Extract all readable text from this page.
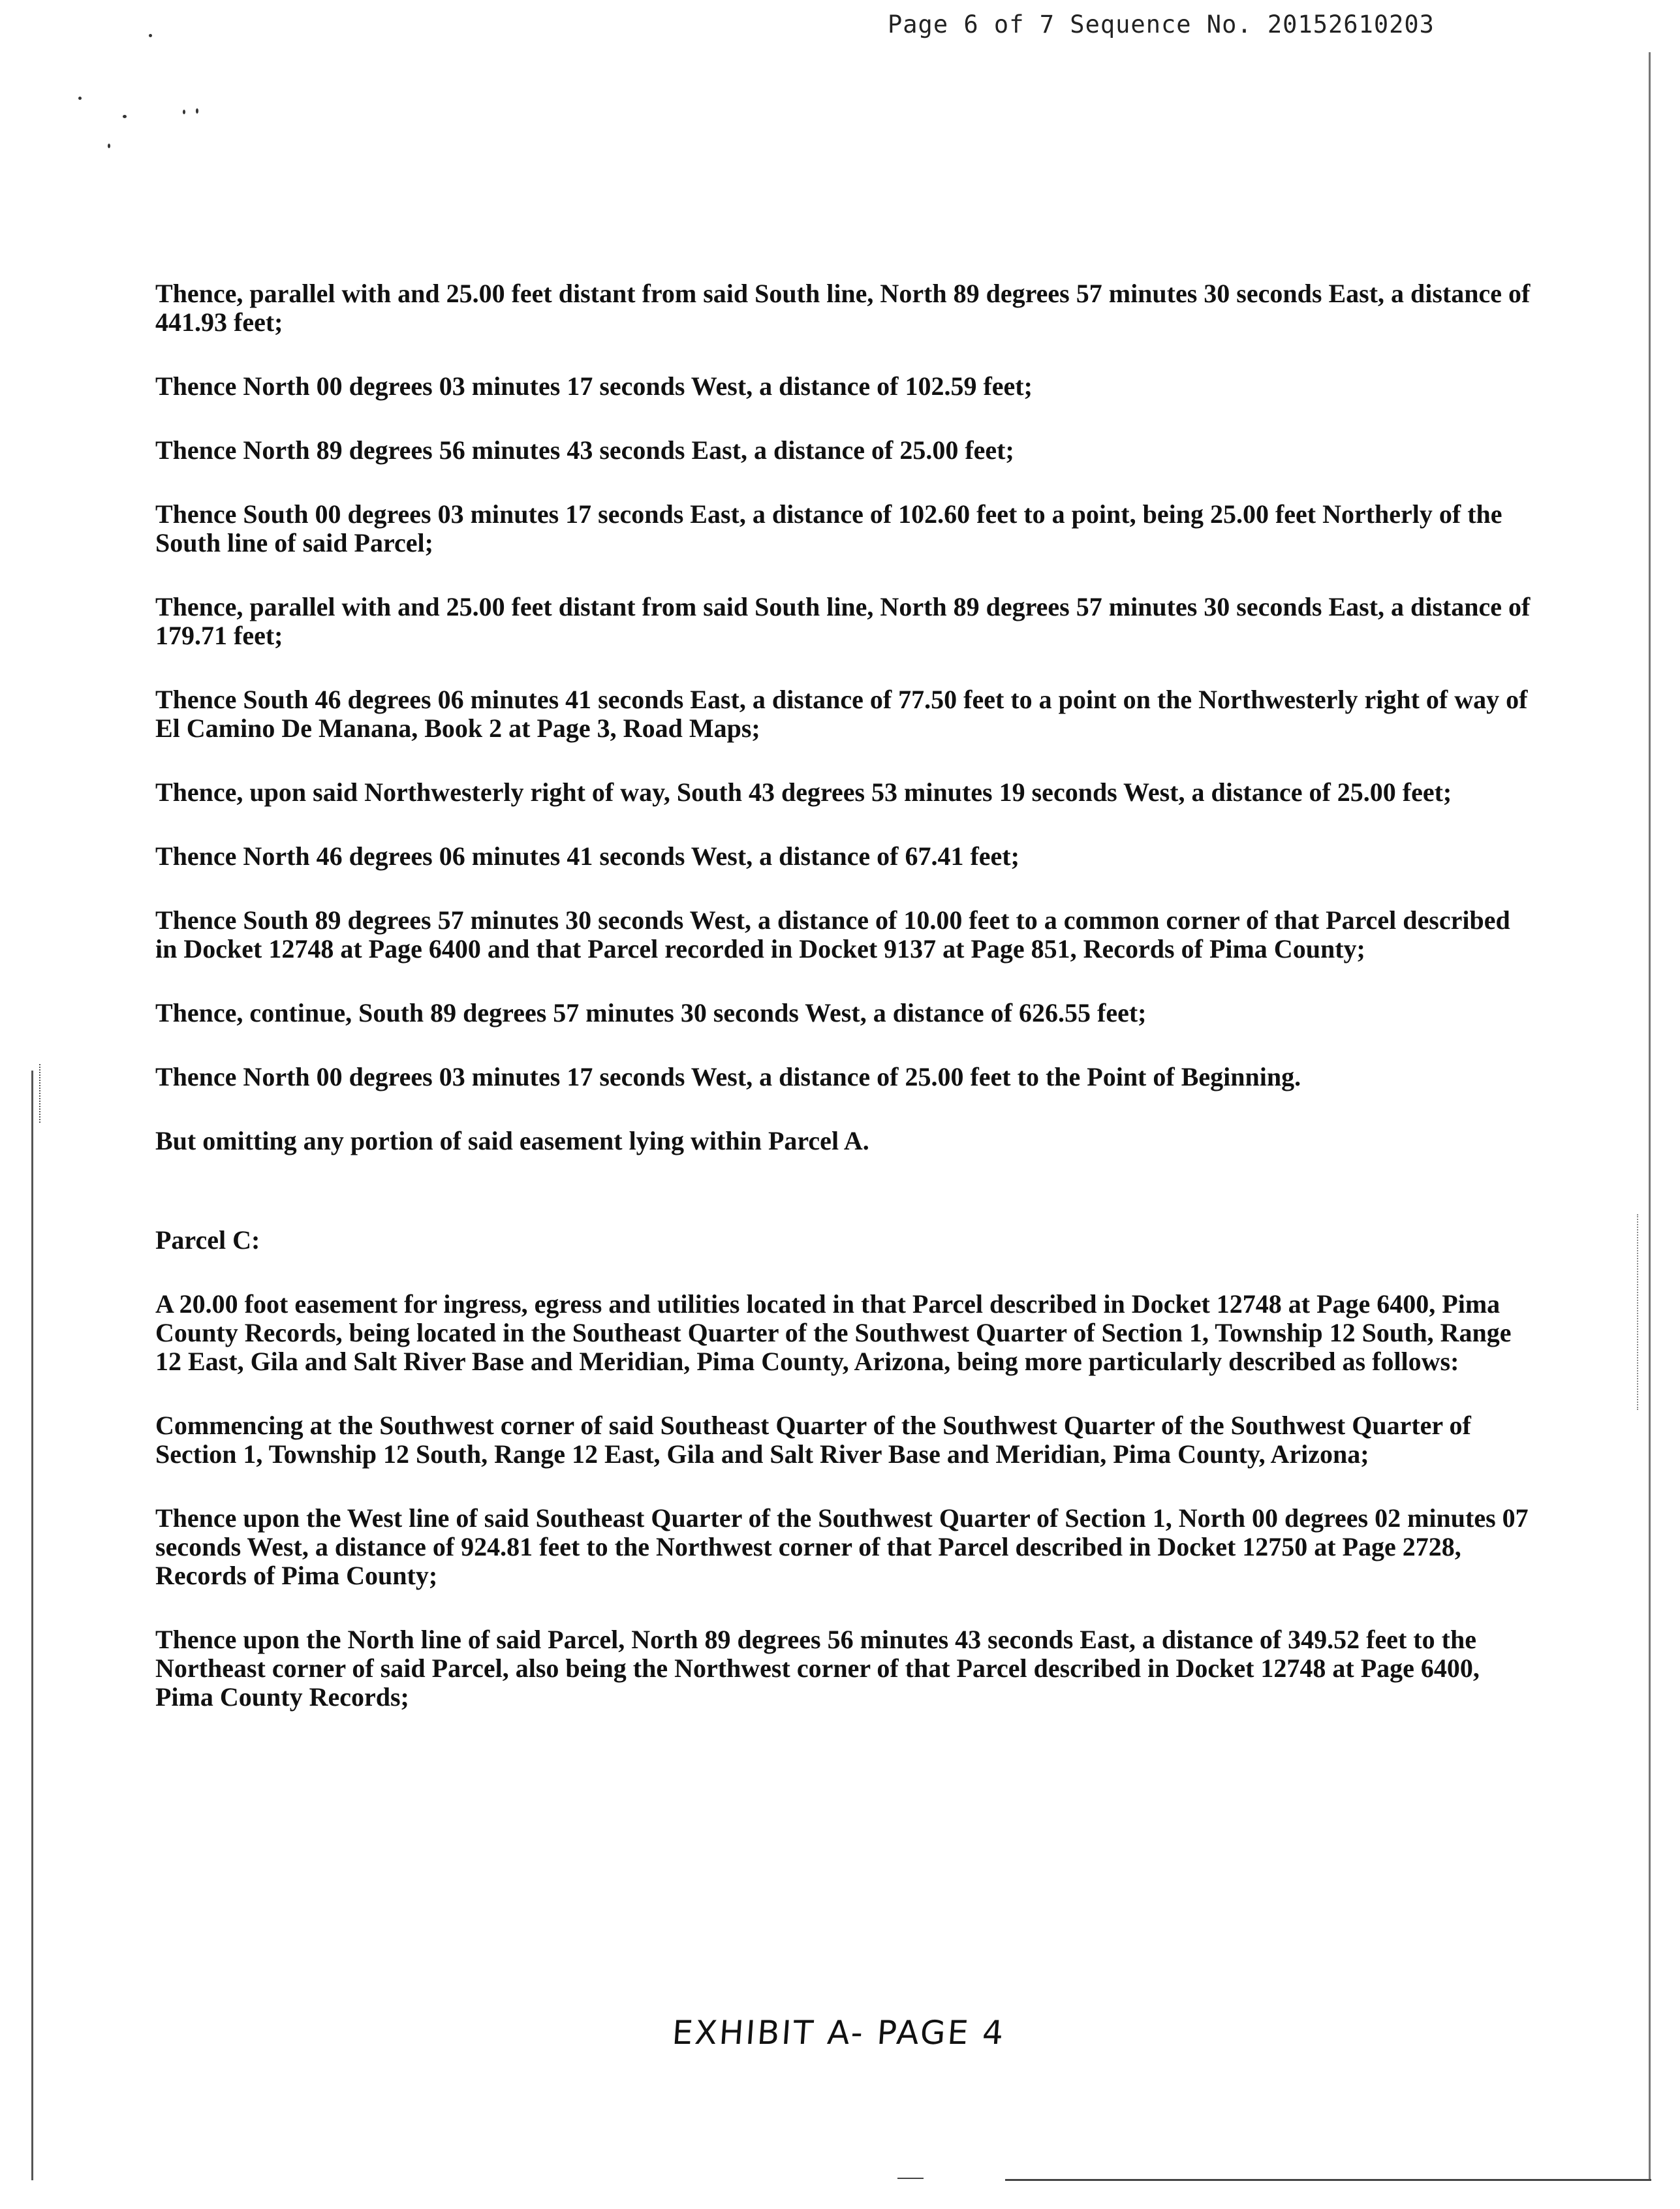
Page 6 of 7 Sequence No. 20152610203

Thence, parallel with and 25.00 feet distant from said South line, North 89 degrees 57 minutes 30 seconds East, a distance of 441.93 feet;

Thence North 00 degrees 03 minutes 17 seconds West, a distance of 102.59 feet;

Thence North 89 degrees 56 minutes 43 seconds East, a distance of 25.00 feet;

Thence South 00 degrees 03 minutes 17 seconds East, a distance of 102.60 feet to a point, being 25.00 feet Northerly of the South line of said Parcel;

Thence, parallel with and 25.00 feet distant from said South line, North 89 degrees 57 minutes 30 seconds East, a distance of 179.71 feet;

Thence South 46 degrees 06 minutes 41 seconds East, a distance of 77.50 feet to a point on the Northwesterly right of way of El Camino De Manana, Book 2 at Page 3, Road Maps;

Thence, upon said Northwesterly right of way, South 43 degrees 53 minutes 19 seconds West, a distance of 25.00 feet;

Thence North 46 degrees 06 minutes 41 seconds West, a distance of 67.41 feet;

Thence South 89 degrees 57 minutes 30 seconds West, a distance of 10.00 feet to a common corner of that Parcel described in Docket 12748 at Page 6400 and that Parcel recorded in Docket 9137 at Page 851, Records of Pima County;

Thence, continue, South 89 degrees 57 minutes 30 seconds West, a distance of 626.55 feet;

Thence North 00 degrees 03 minutes 17 seconds West, a distance of 25.00 feet to the Point of Beginning.

But omitting any portion of said easement lying within Parcel A.

Parcel C:

A 20.00 foot easement for ingress, egress and utilities located in that Parcel described in Docket 12748 at Page 6400, Pima County Records, being located in the Southeast Quarter of the Southwest Quarter of Section 1, Township 12 South, Range 12 East, Gila and Salt River Base and Meridian, Pima County, Arizona, being more particularly described as follows:

Commencing at the Southwest corner of said Southeast Quarter of the Southwest Quarter of the Southwest Quarter of Section 1, Township 12 South, Range 12 East, Gila and Salt River Base and Meridian, Pima County, Arizona;

Thence upon the West line of said Southeast Quarter of the Southwest Quarter of Section 1, North 00 degrees 02 minutes 07 seconds West, a distance of 924.81 feet to the Northwest corner of that Parcel described in Docket 12750 at Page 2728, Records of Pima County;

Thence upon the North line of said Parcel, North 89 degrees 56 minutes 43 seconds East, a distance of 349.52 feet to the Northeast corner of said Parcel, also being the Northwest corner of that Parcel described in Docket 12748 at Page 6400, Pima County Records;

EXHIBIT A- PAGE 4
